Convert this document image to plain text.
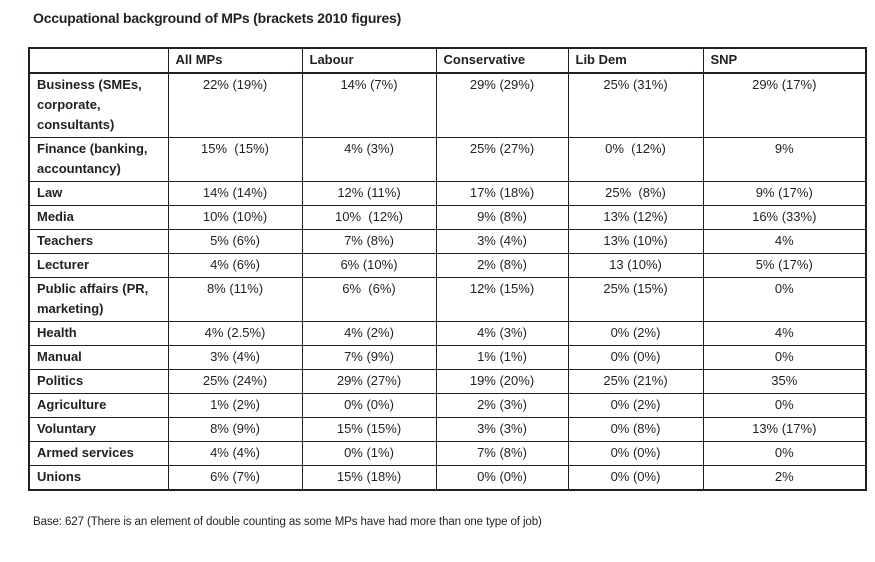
Occupational background of MPs (brackets 2010 figures)
	All MPs	Labour	Conservative	Lib Dem	SNP
Business (SMEs, corporate, consultants)	22% (19%)	14% (7%)	29% (29%)	25% (31%)	29% (17%)
Finance (banking, accountancy)	15%  (15%)	4% (3%)	25% (27%)	0%  (12%)	9%
Law	14% (14%)	12% (11%)	17% (18%)	25%  (8%)	9% (17%)
Media	10% (10%)	10%  (12%)	9% (8%)	13% (12%)	16% (33%)
Teachers	5% (6%)	7% (8%)	3% (4%)	13% (10%)	4%
Lecturer	4% (6%)	6% (10%)	2% (8%)	13 (10%)	5% (17%)
Public affairs (PR, marketing)	8% (11%)	6%  (6%)	12% (15%)	25% (15%)	0%
Health	4% (2.5%)	4% (2%)	4% (3%)	0% (2%)	4%
Manual	3% (4%)	7% (9%)	1% (1%)	0% (0%)	0%
Politics	25% (24%)	29% (27%)	19% (20%)	25% (21%)	35%
Agriculture	1% (2%)	0% (0%)	2% (3%)	0% (2%)	0%
Voluntary	8% (9%)	15% (15%)	3% (3%)	0% (8%)	13% (17%)
Armed services	4% (4%)	0% (1%)	7% (8%)	0% (0%)	0%
Unions	6% (7%)	15% (18%)	0% (0%)	0% (0%)	2%

Base: 627 (There is an element of double counting as some MPs have had more than one type of job)
